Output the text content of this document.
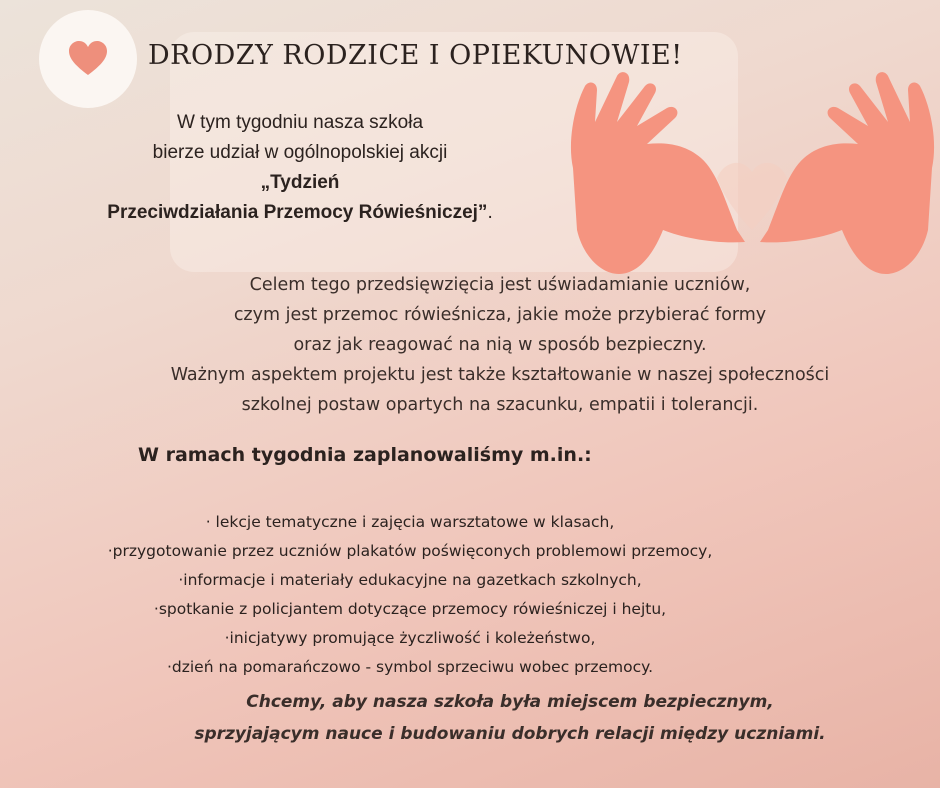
DRODZY RODZICE I OPIEKUNOWIE!
W tym tygodniu nasza szkoła
bierze udział w ogólnopolskiej akcji
„Tydzień
Przeciwdziałania Przemocy Rówieśniczej”.
Celem tego przedsięwzięcia jest uświadamianie uczniów,
czym jest przemoc rówieśnicza, jakie może przybierać formy
oraz jak reagować na nią w sposób bezpieczny.
Ważnym aspektem projektu jest także kształtowanie w naszej społeczności
szkolnej postaw opartych na szacunku, empatii i tolerancji.
W ramach tygodnia zaplanowaliśmy m.in.:
· lekcje tematyczne i zajęcia warsztatowe w klasach,
·przygotowanie przez uczniów plakatów poświęconych problemowi przemocy,
·informacje i materiały edukacyjne na gazetkach szkolnych,
·spotkanie z policjantem dotyczące przemocy rówieśniczej i hejtu,
·inicjatywy promujące życzliwość i koleżeństwo,
·dzień na pomarańczowo - symbol sprzeciwu wobec przemocy.
Chcemy, aby nasza szkoła była miejscem bezpiecznym,
sprzyjającym nauce i budowaniu dobrych relacji między uczniami.
